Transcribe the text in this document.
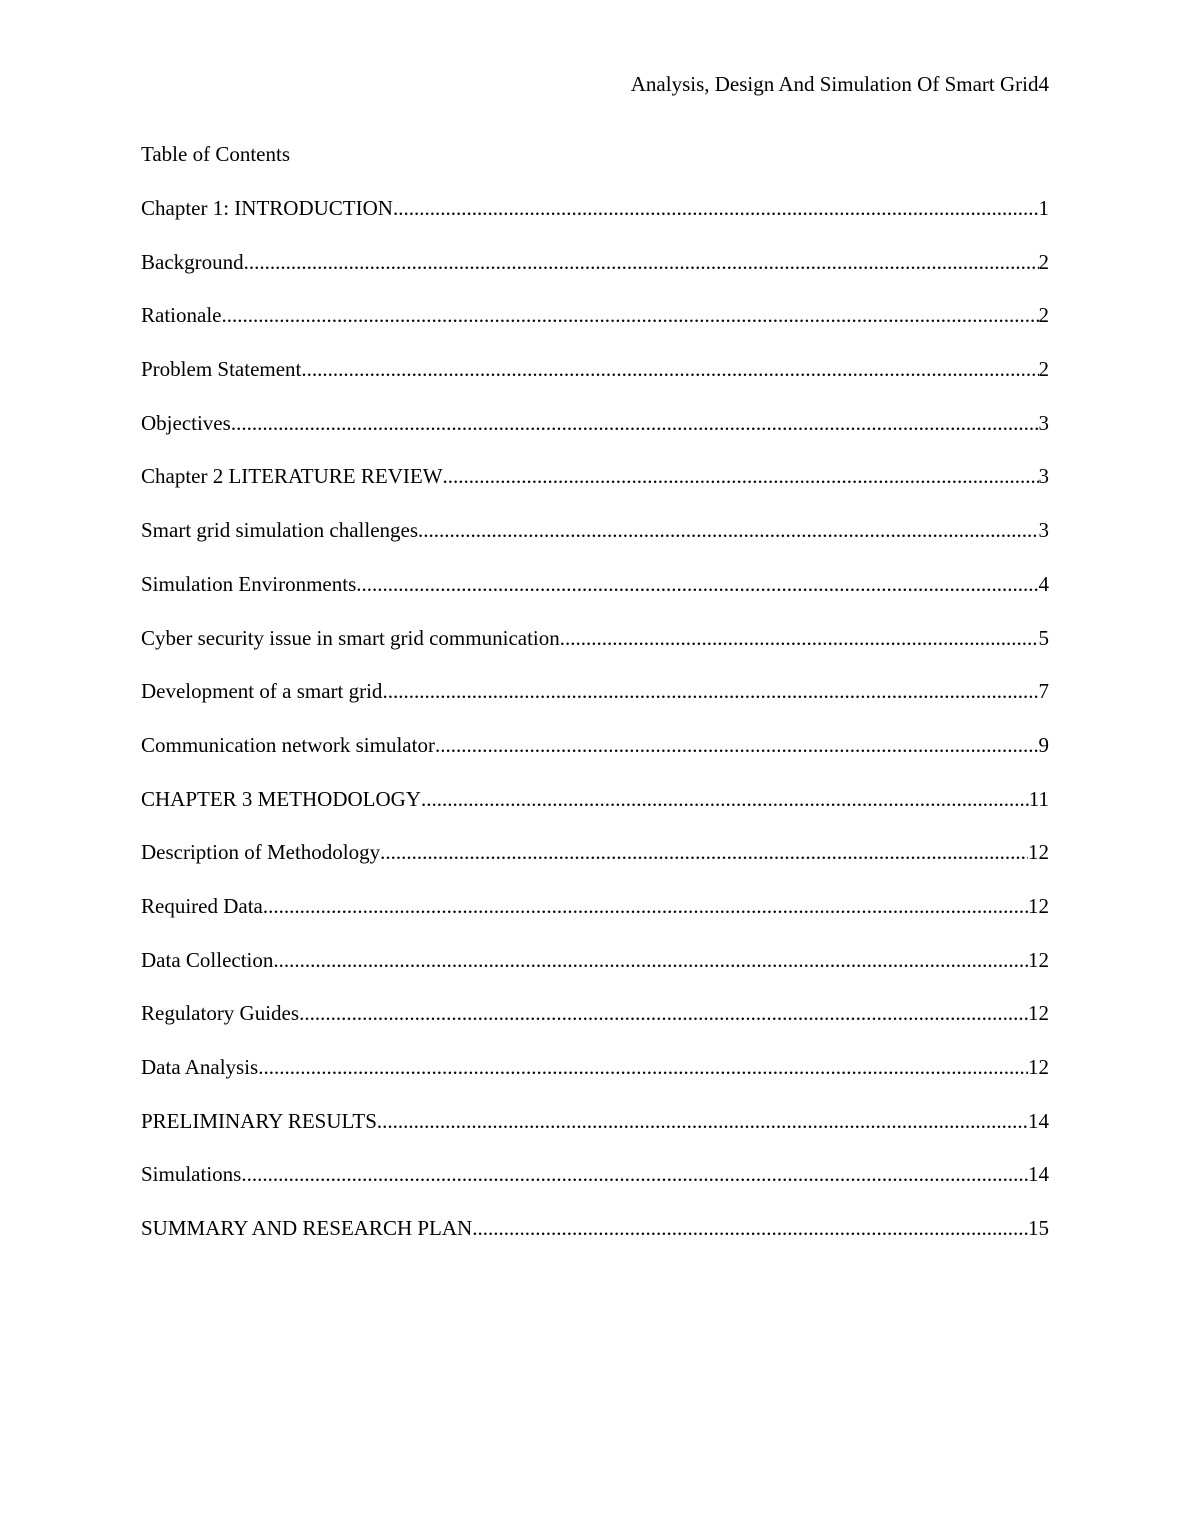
Analysis, Design And Simulation Of Smart Grid4
Table of Contents
Chapter 1: INTRODUCTION .....	1
Background .....	2
Rationale .....	2
Problem Statement .....	2
Objectives .....	3
Chapter 2 LITERATURE REVIEW .....	3
Smart grid simulation challenges .....	3
Simulation Environments .....	4
Cyber security issue in smart grid communication .....	5
Development of a smart grid .....	7
Communication network simulator .....	9
CHAPTER 3 METHODOLOGY .....	11
Description of Methodology .....	12
Required Data .....	12
Data Collection .....	12
Regulatory Guides .....	12
Data Analysis .....	12
PRELIMINARY RESULTS .....	14
Simulations .....	14
SUMMARY AND RESEARCH PLAN .....	15
